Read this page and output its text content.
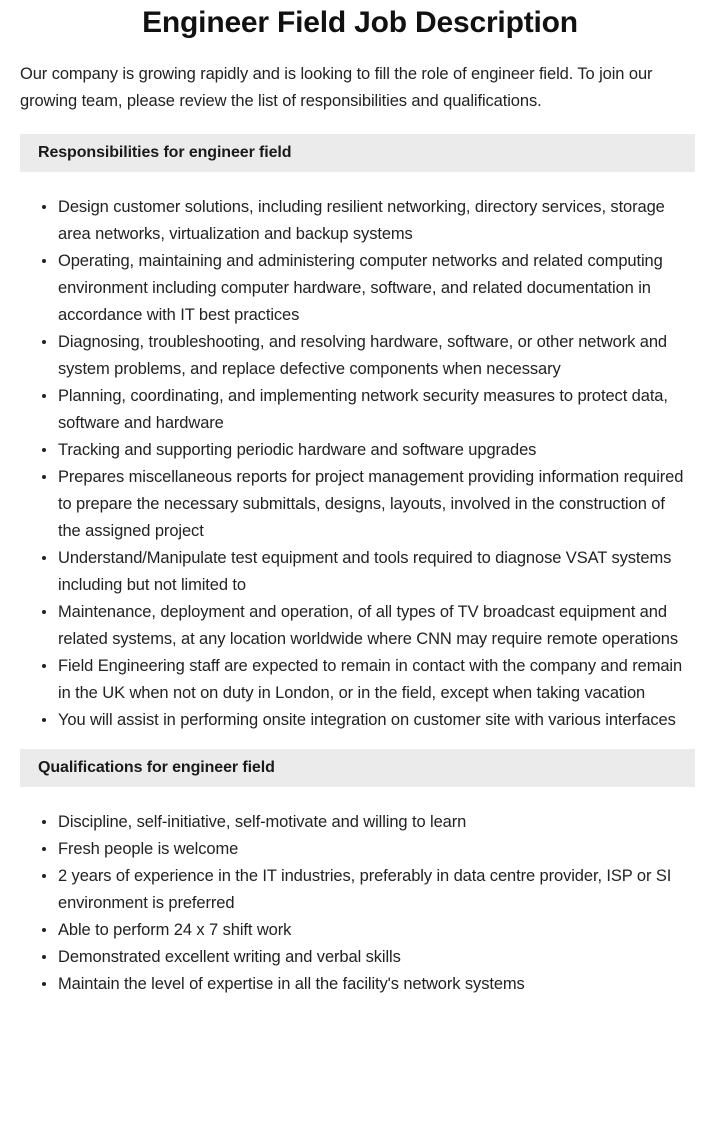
Engineer Field Job Description

Our company is growing rapidly and is looking to fill the role of engineer field. To join our growing team, please review the list of responsibilities and qualifications.

Responsibilities for engineer field
Design customer solutions, including resilient networking, directory services, storage area networks, virtualization and backup systems
Operating, maintaining and administering computer networks and related computing environment including computer hardware, software, and related documentation in accordance with IT best practices
Diagnosing, troubleshooting, and resolving hardware, software, or other network and system problems, and replace defective components when necessary
Planning, coordinating, and implementing network security measures to protect data, software and hardware
Tracking and supporting periodic hardware and software upgrades
Prepares miscellaneous reports for project management providing information required to prepare the necessary submittals, designs, layouts, involved in the construction of the assigned project
Understand/Manipulate test equipment and tools required to diagnose VSAT systems including but not limited to
Maintenance, deployment and operation, of all types of TV broadcast equipment and related systems, at any location worldwide where CNN may require remote operations
Field Engineering staff are expected to remain in contact with the company and remain in the UK when not on duty in London, or in the field, except when taking vacation
You will assist in performing onsite integration on customer site with various interfaces
Qualifications for engineer field
Discipline, self-initiative, self-motivate and willing to learn
Fresh people is welcome
2 years of experience in the IT industries, preferably in data centre provider, ISP or SI environment is preferred
Able to perform 24 x 7 shift work
Demonstrated excellent writing and verbal skills
Maintain the level of expertise in all the facility's network systems
